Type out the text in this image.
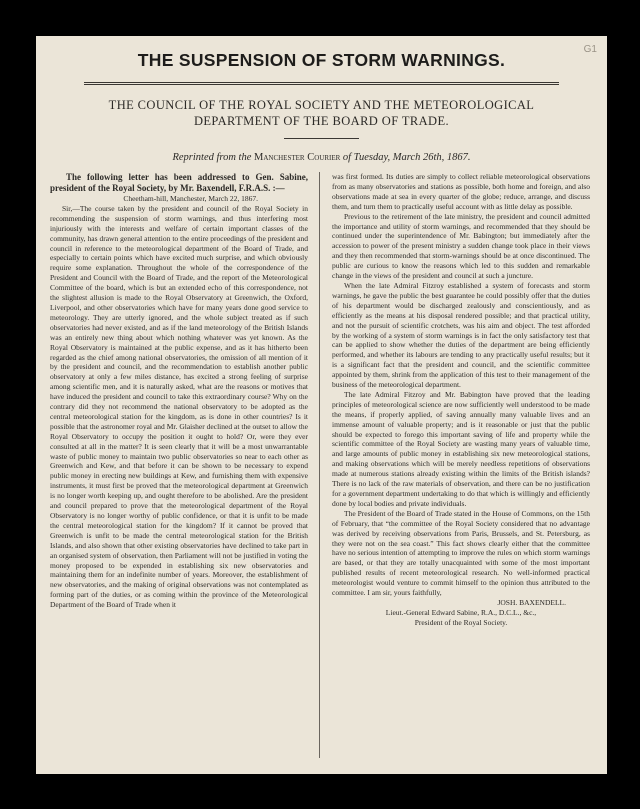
G1
THE SUSPENSION OF STORM WARNINGS.
THE COUNCIL OF THE ROYAL SOCIETY AND THE METEOROLOGICAL DEPARTMENT OF THE BOARD OF TRADE.
Reprinted from the Manchester Courier of Tuesday, March 26th, 1867.

The following letter has been addressed to Gen. Sabine, president of the Royal Society, by Mr. Baxendell, F.R.A.S. :—

Cheetham-hill, Manchester, March 22, 1867.

Sir,—The course taken by the president and council of the Royal Society in recommending the suspension of storm warnings, and thus interfering most injuriously with the interests and welfare of certain important classes of the community, has drawn general attention to the entire proceedings of the president and council in reference to the meteorological department of the Board of Trade, and especially to certain points which have excited much surprise, and which obviously require some explanation. Throughout the whole of the correspondence of the President and Council with the Board of Trade, and the report of the Meteorological Committee of the board, which is but an extended echo of this correspondence, not the slightest allusion is made to the Royal Observatory at Greenwich, the Oxford, Liverpool, and other observatories which have for many years done good service to meteorology. They are utterly ignored, and the whole subject treated as if such observatories had never existed, and as if the land meteorology of the British Islands was an entirely new thing about which nothing whatever was yet known. As the Royal Observatory is maintained at the public expense, and as it has hitherto been regarded as the chief among national observatories, the omission of all mention of it by the president and council, and the recommendation to establish another public observatory at only a few miles distance, has excited a strong feeling of surprise among scientific men, and it is naturally asked, what are the reasons or motives that have induced the president and council to take this extraordinary course? Why on the contrary did they not recommend the national observatory to be adopted as the central meteorological station for the kingdom, as is done in other countries? Is it possible that the astronomer royal and Mr. Glaisher declined at the outset to allow the Royal Observatory to occupy the position it ought to hold? Or, were they ever consulted at all in the matter? It is seen clearly that it will be a most unwarrantable waste of public money to maintain two public observatories so near to each other as Greenwich and Kew, and that before it can be shown to be necessary to expend public money in erecting new buildings at Kew, and furnishing them with expensive instruments, it must first be proved that the meteorological department at Greenwich is no longer worth keeping up, and ought therefore to be abolished. Are the president and council prepared to prove that the meteorological department of the Royal Observatory is no longer worthy of public confidence, or that it is unfit to be made the central meteorological station for the kingdom? If it cannot be proved that Greenwich is unfit to be made the central meteorological station for the British Islands, and also shown that other existing observatories have declined to take part in an organised system of observation, then Parliament will not be justified in voting the money proposed to be expended in establishing six new observatories and maintaining them for an indefinite number of years. Moreover, the establishment of new observatories, and the making of original observations was not contemplated as forming part of the duties, or as coming within the province of the Meteorological Department of the Board of Trade when it

was first formed. Its duties are simply to collect reliable meteorological observations from as many observatories and stations as possible, both home and foreign, and also observations made at sea in every quarter of the globe; reduce, arrange, and discuss them, and turn them to practically useful account with as little delay as possible.

Previous to the retirement of the late ministry, the president and council admitted the importance and utility of storm warnings, and recommended that they should be continued under the superintendence of Mr. Babington; but immediately after the accession to power of the present ministry a sudden change took place in their views and they then recommended that storm-warnings should be at once discontinued. The public are curious to know the reasons which led to this sudden and remarkable change in the views of the president and council at such a juncture.

When the late Admiral Fitzroy established a system of forecasts and storm warnings, he gave the public the best guarantee he could possibly offer that the duties of his department would be discharged zealously and conscientiously, and as efficiently as the means at his disposal rendered possible; and that practical utility, and not the pursuit of scientific crotchets, was his aim and object. The test afforded by the working of a system of storm warnings is in fact the only satisfactory test that can be applied to show whether the duties of the department are being efficiently performed, and whether its labours are tending to any practically useful results; but it is a significant fact that the president and council, and the scientific committee appointed by them, shrink from the application of this test to their management of the business of the meteorological department.

The late Admiral Fitzroy and Mr. Babington have proved that the leading principles of meteorological science are now sufficiently well understood to be made the means, if properly applied, of saving annually many valuable lives and an immense amount of valuable property; and is it reasonable or just that the public should be expected to forego this important saving of life and property while the scientific committee of the Royal Society are wasting many years of valuable time, and large amounts of public money in establishing six new meteorological stations, and making observations which will be merely needless repetitions of observations made at numerous stations already existing within the limits of the British islands? There is no lack of the raw materials of observation, and there can be no justification for a government department undertaking to do that which is willingly and efficiently done by local bodies and private individuals.

The President of the Board of Trade stated in the House of Commons, on the 15th of February, that “the committee of the Royal Society considered that no advantage was derived by receiving observations from Paris, Brussels, and St. Petersburg, as they were not on the sea coast.” This fact shows clearly either that the committee have no serious intention of attempting to improve the rules on which storm warnings are based, or that they are totally unacquainted with some of the most important published results of recent meteorological research. No well-informed practical meteorologist would venture to commit himself to the opinion thus attributed to the committee. I am sir, yours faithfully,

JOSH. BAXENDELL.

Lieut.-General Edward Sabine, R.A., D.C.L., &c.,

President of the Royal Society.
